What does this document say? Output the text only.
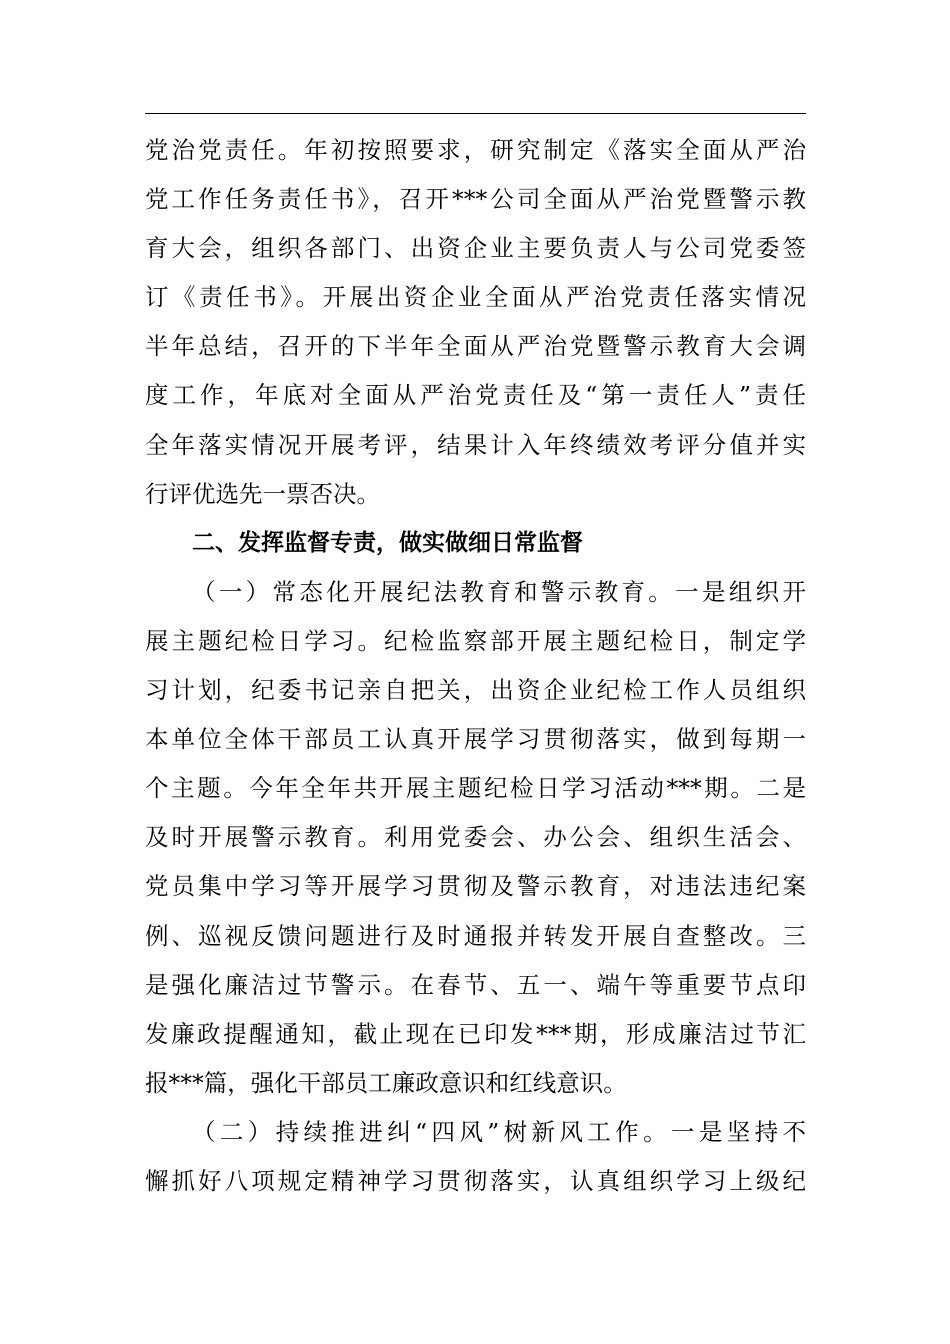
党治党责任。年初按照要求，研究制定《落实全面从严治
党工作任务责任书》，召开***公司全面从严治党暨警示教
育大会，组织各部门、出资企业主要负责人与公司党委签
订《责任书》。开展出资企业全面从严治党责任落实情况
半年总结，召开的下半年全面从严治党暨警示教育大会调
度工作，年底对全面从严治党责任及“第一责任人”责任
全年落实情况开展考评，结果计入年终绩效考评分值并实
行评优选先一票否决。
二、发挥监督专责，做实做细日常监督
（一）常态化开展纪法教育和警示教育。一是组织开
展主题纪检日学习。纪检监察部开展主题纪检日，制定学
习计划，纪委书记亲自把关，出资企业纪检工作人员组织
本单位全体干部员工认真开展学习贯彻落实，做到每期一
个主题。今年全年共开展主题纪检日学习活动***期。二是
及时开展警示教育。利用党委会、办公会、组织生活会、
党员集中学习等开展学习贯彻及警示教育，对违法违纪案
例、巡视反馈问题进行及时通报并转发开展自查整改。三
是强化廉洁过节警示。在春节、五一、端午等重要节点印
发廉政提醒通知，截止现在已印发***期，形成廉洁过节汇
报***篇，强化干部员工廉政意识和红线意识。
（二）持续推进纠“四风”树新风工作。一是坚持不
懈抓好八项规定精神学习贯彻落实，认真组织学习上级纪
